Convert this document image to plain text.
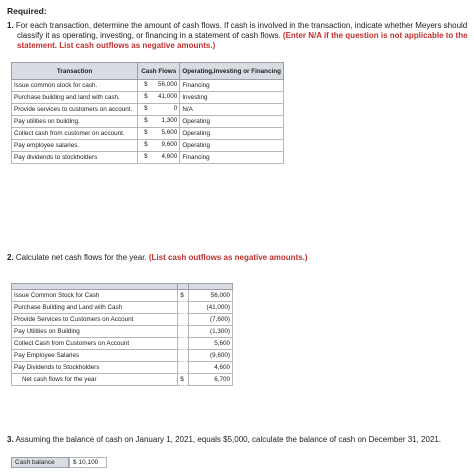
Required:
1. For each transaction, determine the amount of cash flows. If cash is involved in the transaction, indicate whether Meyers should
classify it as operating, investing, or financing in a statement of cash flows. (Enter N/A if the question is not applicable to the
statement. List cash outflows as negative amounts.)
Transaction	Cash Flows	Operating,Investing or Financing
Issue common stock for cash.	$ 56,000	Financing
Purchase building and land with cash.	$ 41,000	Investing
Provide services to customers on account.	$ 0	N/A
Pay utilities on building.	$ 1,300	Operating
Collect cash from customer on account.	$ 5,600	Operating
Pay employee salaries.	$ 9,600	Operating
Pay dividends to stockholders	$ 4,600	Financing
2. Calculate net cash flows for the year. (List cash outflows as negative amounts.)

Issue Common Stock for Cash	$	56,000
Purchase Building and Land with Cash		(41,000)
Provide Services to Customers on Account		(7,600)
Pay Utilities on Building		(1,300)
Collect Cash from Customers on Account		5,600
Pay Employee Salaries		(9,600)
Pay Dividends to Stockholders		4,600
Net cash flows for the year	$	6,700
3. Assuming the balance of cash on January 1, 2021, equals $5,000, calculate the balance of cash on December 31, 2021.
Cash balance	$ 10,100
